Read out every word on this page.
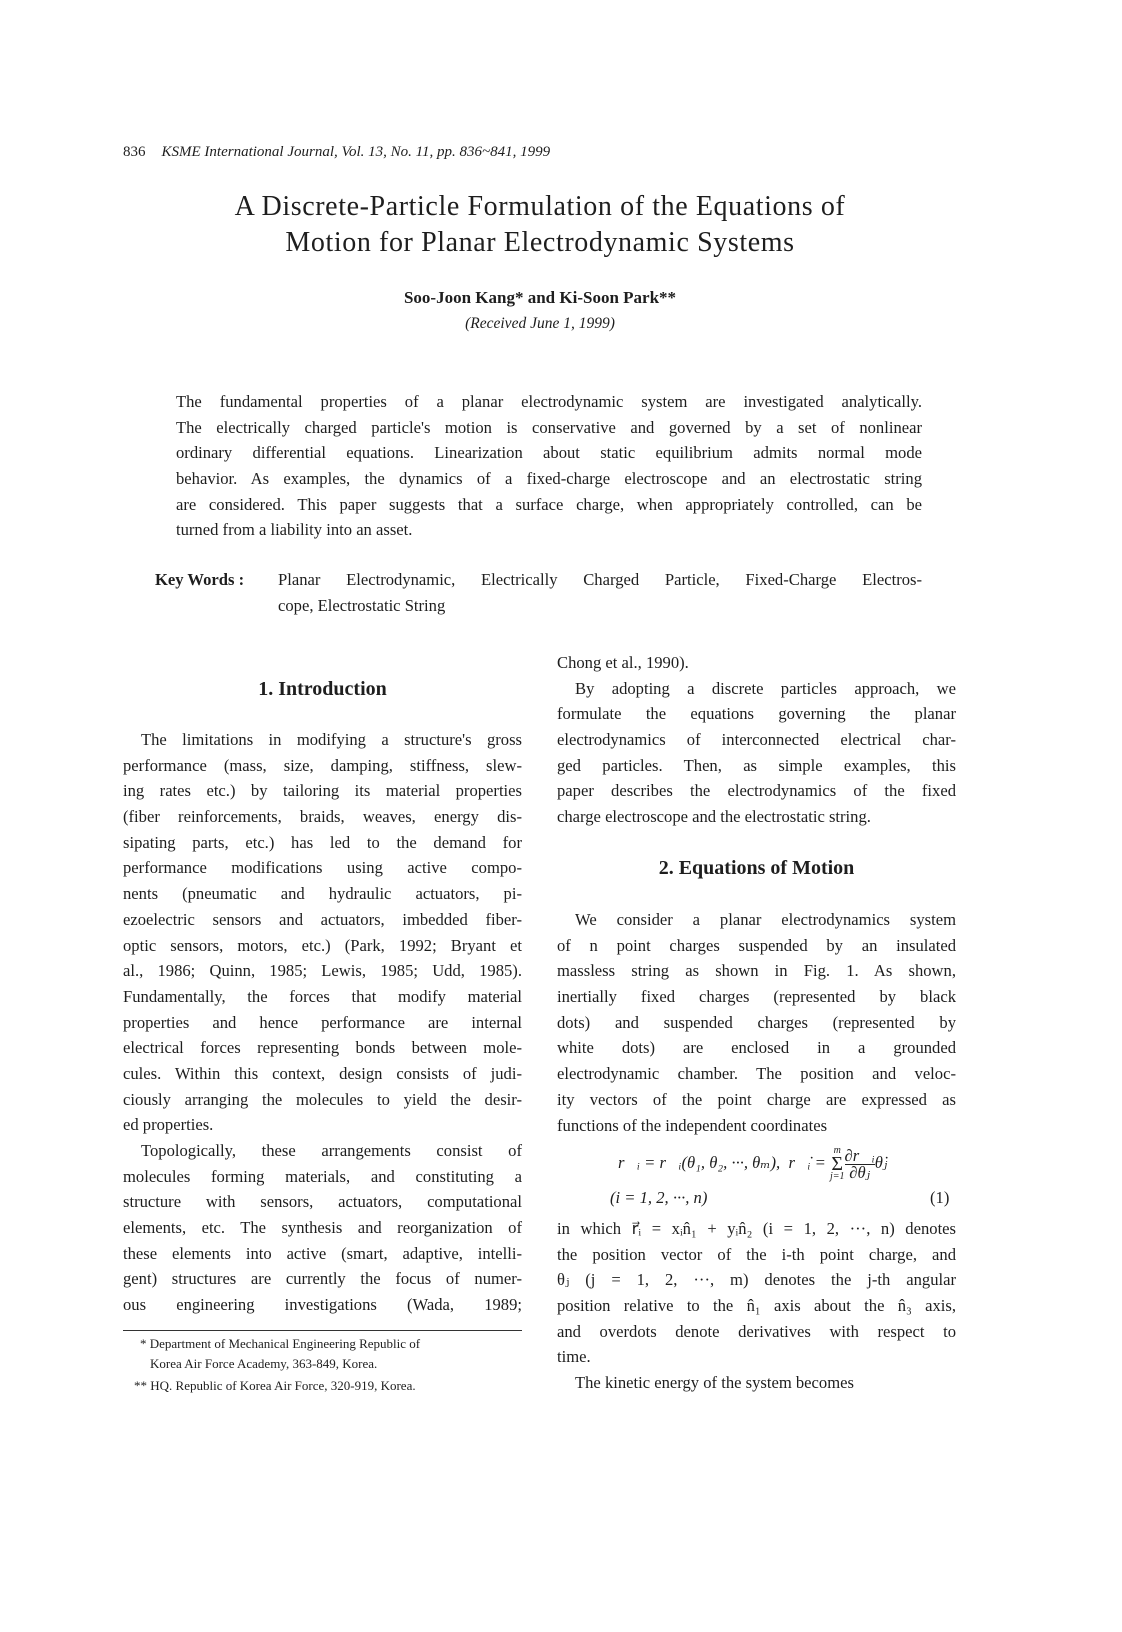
836 KSME International Journal, Vol. 13, No. 11, pp. 836~841, 1999
A Discrete-Particle Formulation of the Equations of
Motion for Planar Electrodynamic Systems
Soo-Joon Kang* and Ki-Soon Park**
(Received June 1, 1999)
The fundamental properties of a planar electrodynamic system are investigated analytically.
The electrically charged particle's motion is conservative and governed by a set of nonlinear
ordinary differential equations. Linearization about static equilibrium admits normal mode
behavior. As examples, the dynamics of a fixed-charge electroscope and an electrostatic string
are considered. This paper suggests that a surface charge, when appropriately controlled, can be
turned from a liability into an asset.
Key Words : Planar Electrodynamic, Electrically Charged Particle, Fixed-Charge Electros-
cope, Electrostatic String
1. Introduction
The limitations in modifying a structure's gross
performance (mass, size, damping, stiffness, slew-
ing rates etc.) by tailoring its material properties
(fiber reinforcements, braids, weaves, energy dis-
sipating parts, etc.) has led to the demand for
performance modifications using active compo-
nents (pneumatic and hydraulic actuators, pi-
ezoelectric sensors and actuators, imbedded fiber-
optic sensors, motors, etc.) (Park, 1992; Bryant et
al., 1986; Quinn, 1985; Lewis, 1985; Udd, 1985).
Fundamentally, the forces that modify material
properties and hence performance are internal
electrical forces representing bonds between mole-
cules. Within this context, design consists of judi-
ciously arranging the molecules to yield the desir-
ed properties.
Topologically, these arrangements consist of
molecules forming materials, and constituting a
structure with sensors, actuators, computational
elements, etc. The synthesis and reorganization of
these elements into active (smart, adaptive, intelli-
gent) structures are currently the focus of numer-
ous engineering investigations (Wada, 1989;
* Department of Mechanical Engineering Republic of
Korea Air Force Academy, 363-849, Korea.
** HQ. Republic of Korea Air Force, 320-919, Korea.
Chong et al., 1990).
By adopting a discrete particles approach, we
formulate the equations governing the planar
electrodynamics of interconnected electrical char-
ged particles. Then, as simple examples, this
paper describes the electrodynamics of the fixed
charge electroscope and the electrostatic string.
2. Equations of Motion
We consider a planar electrodynamics system
of n point charges suspended by an insulated
massless string as shown in Fig. 1. As shown,
inertially fixed charges (represented by black
dots) and suspended charges (represented by
white dots) are enclosed in a grounded
electrodynamic chamber. The position and veloc-
ity vectors of the point charge are expressed as
functions of the independent coordinates
r⃗ᵢ = r⃗ᵢ(θ₁, θ₂, ···, θₘ), r⃗̇ᵢ =
m
Σ
$j=1 \frac{\text{∂r⃗ᵢ}}{\text{∂θⱼ}}$ θ̇ⱼ
(i = 1, 2, ···, n)	(1)
in which r⃗ᵢ = xᵢn̂₁ + yᵢn̂₂ (i = 1, 2, ···, n) denotes
the position vector of the i-th point charge, and
θⱼ (j = 1, 2, ···, m) denotes the j-th angular
position relative to the n̂₁ axis about the n̂₃ axis,
and overdots denote derivatives with respect to
time.
The kinetic energy of the system becomes
